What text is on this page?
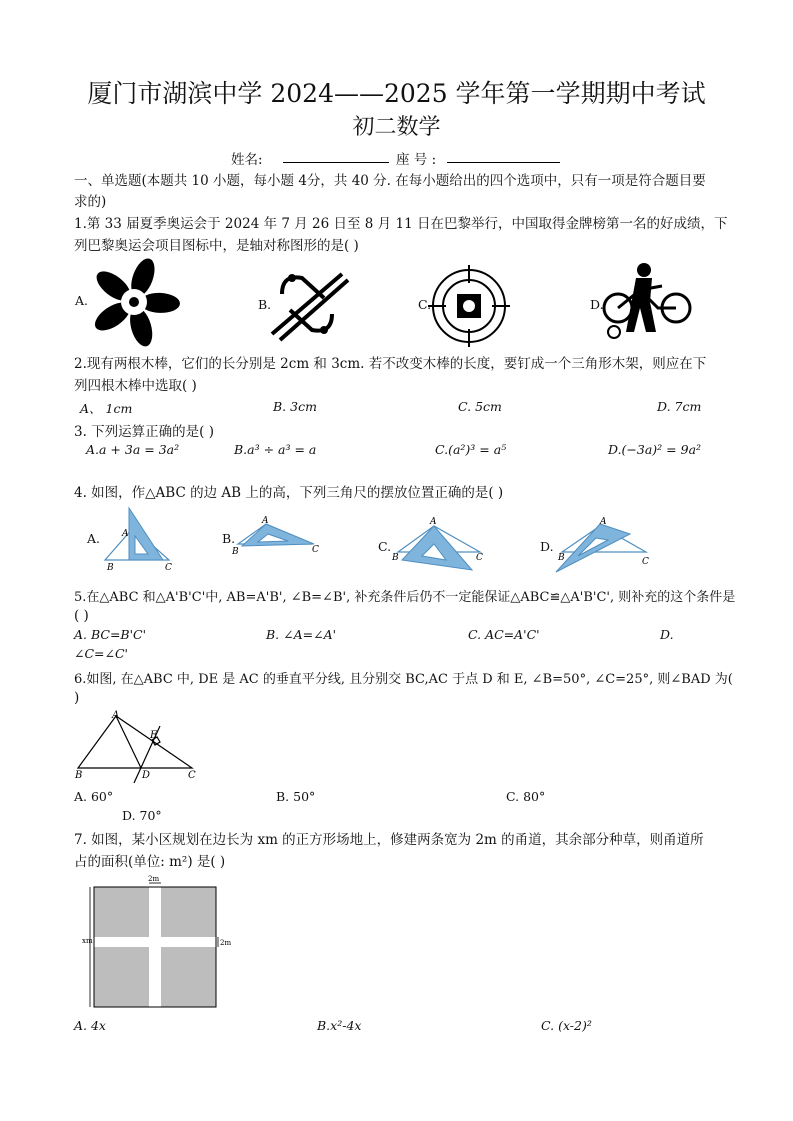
厦门市湖滨中学 2024——2025 学年第一学期期中考试
初二数学
姓名:	座 号 :
一、单选题(本题共 10 小题，每小题 4分，共 40 分. 在每小题给出的四个选项中，只有一项是符合题目要
求的)
1.第 33 届夏季奥运会于 2024 年 7 月 26 日至 8 月 11 日在巴黎举行，中国取得金牌榜第一名的好成绩，下
列巴黎奥运会项目图标中，是轴对称图形的是( )
A.	B.	C.	D.
2.现有两根木棒，它们的长分别是 2cm 和 3cm. 若不改变木棒的长度，要钉成一个三角形木架，则应在下
列四根木棒中选取( )
A、 1cm	B. 3cm	C. 5cm	D. 7cm
3. 下列运算正确的是( )
A.a + 3a = 3a²	B.a³ ÷ a³ = a	C.(a²)³ = a⁵	D.(−3a)² = 9a²
4. 如图，作△ABC 的边 AB 上的高，下列三角尺的摆放位置正确的是( )
A. A
B	C
B.
A
B	C	C.
A
B	C
D.
A
B	C
5.在△ABC 和△A'B'C'中, AB=A'B', ∠B=∠B', 补充条件后仍不一定能保证△ABC≌△A'B'C', 则补充的这个条件是
( )
A. BC=B'C'	B. ∠A=∠A'	C. AC=A'C'	D.
∠C=∠C'
6.如图, 在△ABC 中, DE 是 AC 的垂直平分线, 且分别交 BC,AC 于点 D 和 E, ∠B=50°, ∠C=25°, 则∠BAD 为(
)
A
E
B	D	C
A. 60°	B. 50°	C. 80°
D. 70°
7. 如图，某小区规划在边长为 xm 的正方形场地上，修建两条宽为 2m 的甬道，其余部分种草，则甬道所
占的面积(单位: m²) 是( )
2m
xm	2m
A. 4x	B.x²-4x	C. (x-2)²
